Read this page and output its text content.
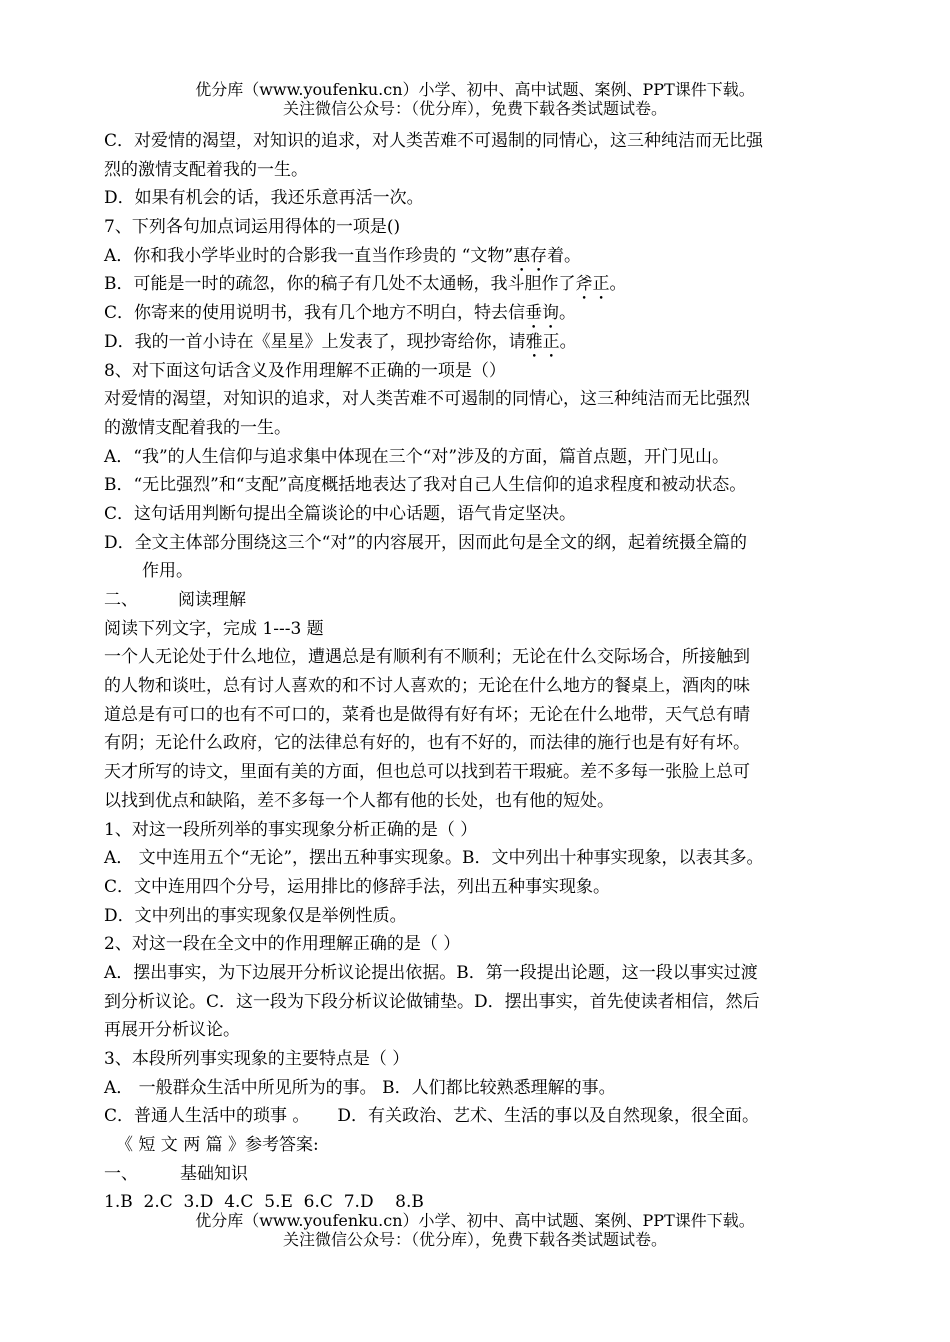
优分库（www.youfenku.cn）小学、初中、高中试题、案例、PPT课件下载。
关注微信公众号：（优分库），免费下载各类试题试卷。
C．对爱情的渴望，对知识的追求，对人类苦难不可遏制的同情心，这三种纯洁而无比强
烈的激情支配着我的一生。
D．如果有机会的话，我还乐意再活一次。
7、下列各句加点词运用得体的一项是()
A．你和我小学毕业时的合影我一直当作珍贵的 “文物”惠存着。
B．可能是一时的疏忽，你的稿子有几处不太通畅，我斗胆作了斧正。
C．你寄来的使用说明书，我有几个地方不明白，特去信垂询。
D．我的一首小诗在《星星》上发表了，现抄寄给你，请雅正。
8、对下面这句话含义及作用理解不正确的一项是（）
对爱情的渴望，对知识的追求，对人类苦难不可遏制的同情心，这三种纯洁而无比强烈
的激情支配着我的一生。
A．“我”的人生信仰与追求集中体现在三个“对”涉及的方面，篇首点题，开门见山。
B．“无比强烈”和“支配”高度概括地表达了我对自己人生信仰的追求程度和被动状态。
C．这句话用判断句提出全篇谈论的中心话题，语气肯定坚决。
D．全文主体部分围绕这三个“对”的内容展开，因而此句是全文的纲，起着统摄全篇的
作用。
二、 阅读理解
阅读下列文字，完成 1---3 题
一个人无论处于什么地位，遭遇总是有顺利有不顺利；无论在什么交际场合，所接触到
的人物和谈吐，总有讨人喜欢的和不讨人喜欢的；无论在什么地方的餐桌上，酒肉的味
道总是有可口的也有不可口的，菜肴也是做得有好有坏；无论在什么地带，天气总有晴
有阴；无论什么政府，它的法律总有好的，也有不好的，而法律的施行也是有好有坏。
天才所写的诗文，里面有美的方面，但也总可以找到若干瑕疵。差不多每一张脸上总可
以找到优点和缺陷，差不多每一个人都有他的长处，也有他的短处。
1、对这一段所列举的事实现象分析正确的是（ ）
A． 文中连用五个“无论”，摆出五种事实现象。B．文中列出十种事实现象，以表其多。
C．文中连用四个分号，运用排比的修辞手法，列出五种事实现象。
D．文中列出的事实现象仅是举例性质。
2、对这一段在全文中的作用理解正确的是（ ）
A．摆出事实，为下边展开分析议论提出依据。B．第一段提出论题，这一段以事实过渡
到分析议论。C．这一段为下段分析议论做铺垫。D．摆出事实，首先使读者相信，然后
再展开分析议论。
3、本段所列事实现象的主要特点是（ ）
A． 一般群众生活中所见所为的事。 B．人们都比较熟悉理解的事。
C．普通人生活中的琐事 。 D．有关政治、艺术、生活的事以及自然现象，很全面。
《 短 文 两 篇 》参考答案:
一、 基础知识
1.B  2.C  3.D  4.C  5.E  6.C  7.D    8.B
优分库（www.youfenku.cn）小学、初中、高中试题、案例、PPT课件下载。
关注微信公众号：（优分库），免费下载各类试题试卷。
